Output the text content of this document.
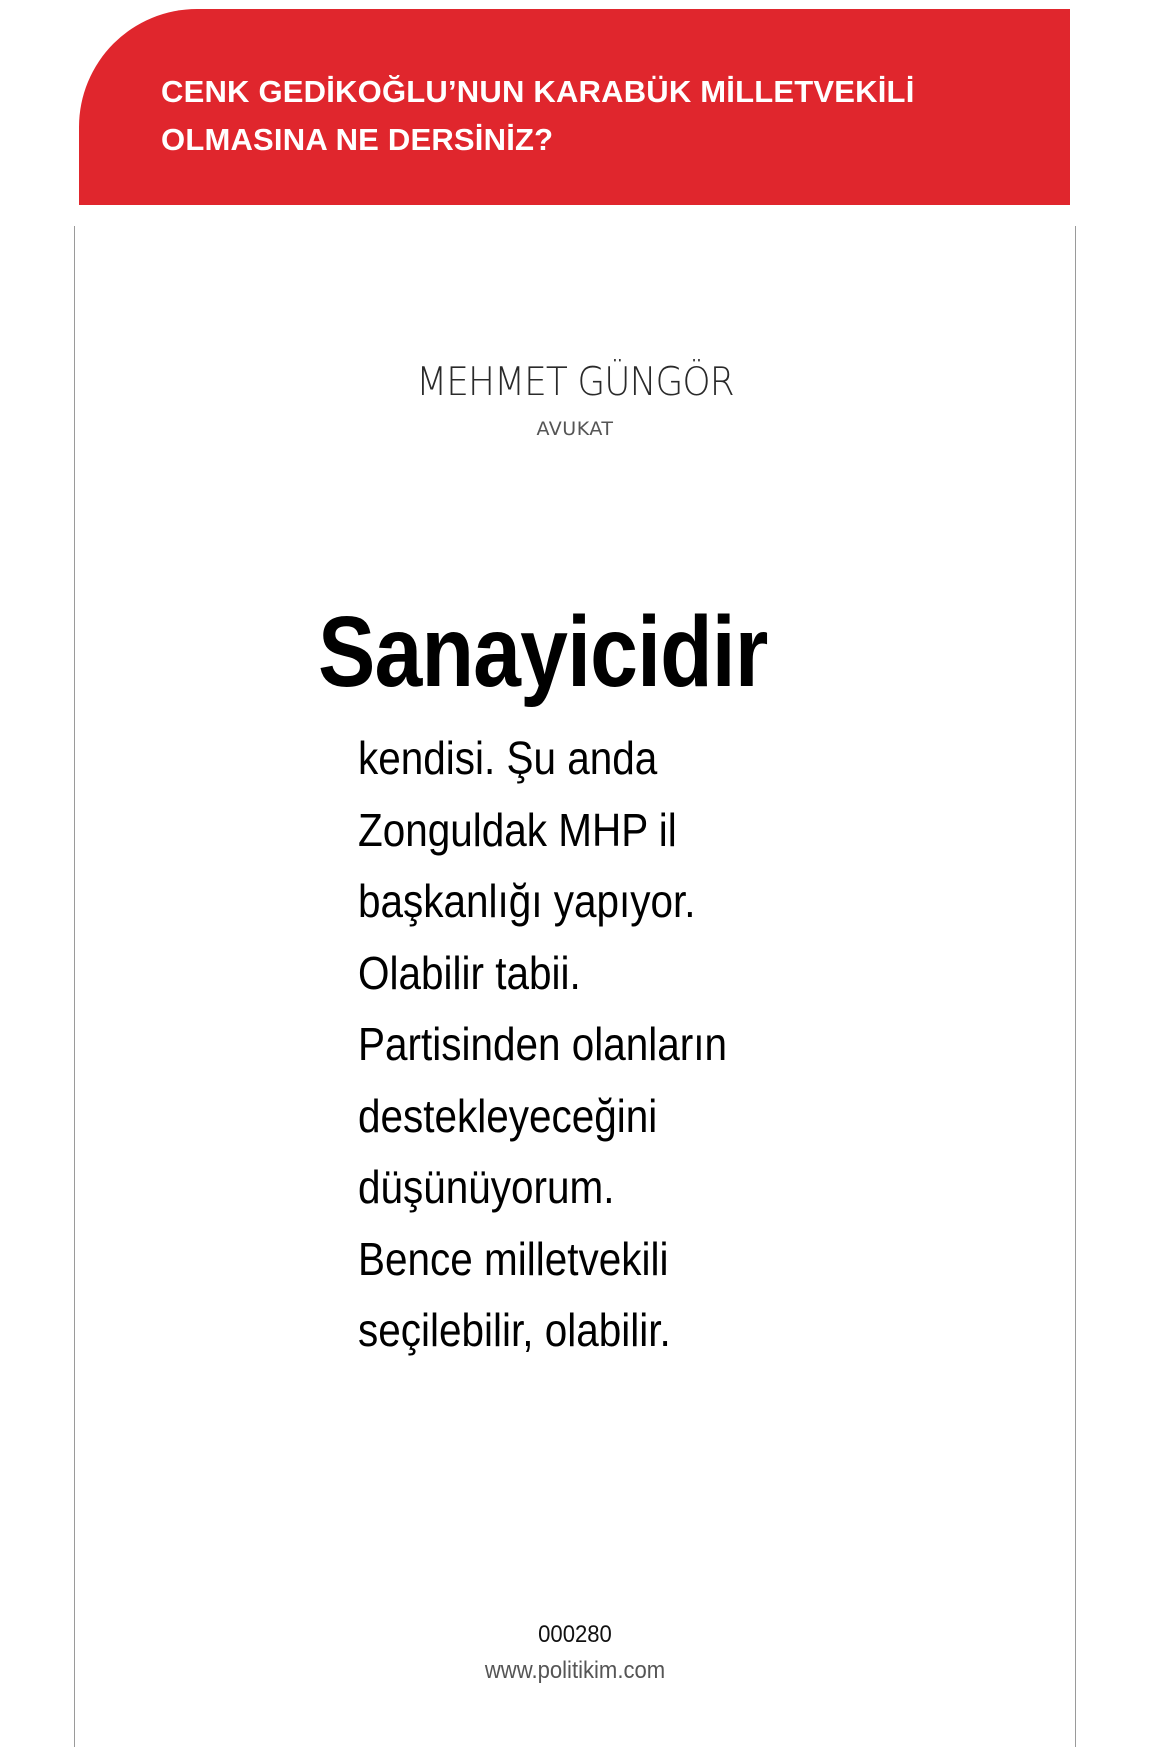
CENK GEDİKOĞLU’NUN KARABÜK MİLLETVEKİLİ
OLMASINA NE DERSİNİZ?
MEHMET GÜNGÖR
AVUKAT
Sanayicidir
kendisi. Şu anda
Zonguldak MHP il
başkanlığı yapıyor.
Olabilir tabii.
Partisinden olanların
destekleyeceğini
düşünüyorum.
Bence milletvekili
seçilebilir, olabilir.
000280
www.politikim.com
